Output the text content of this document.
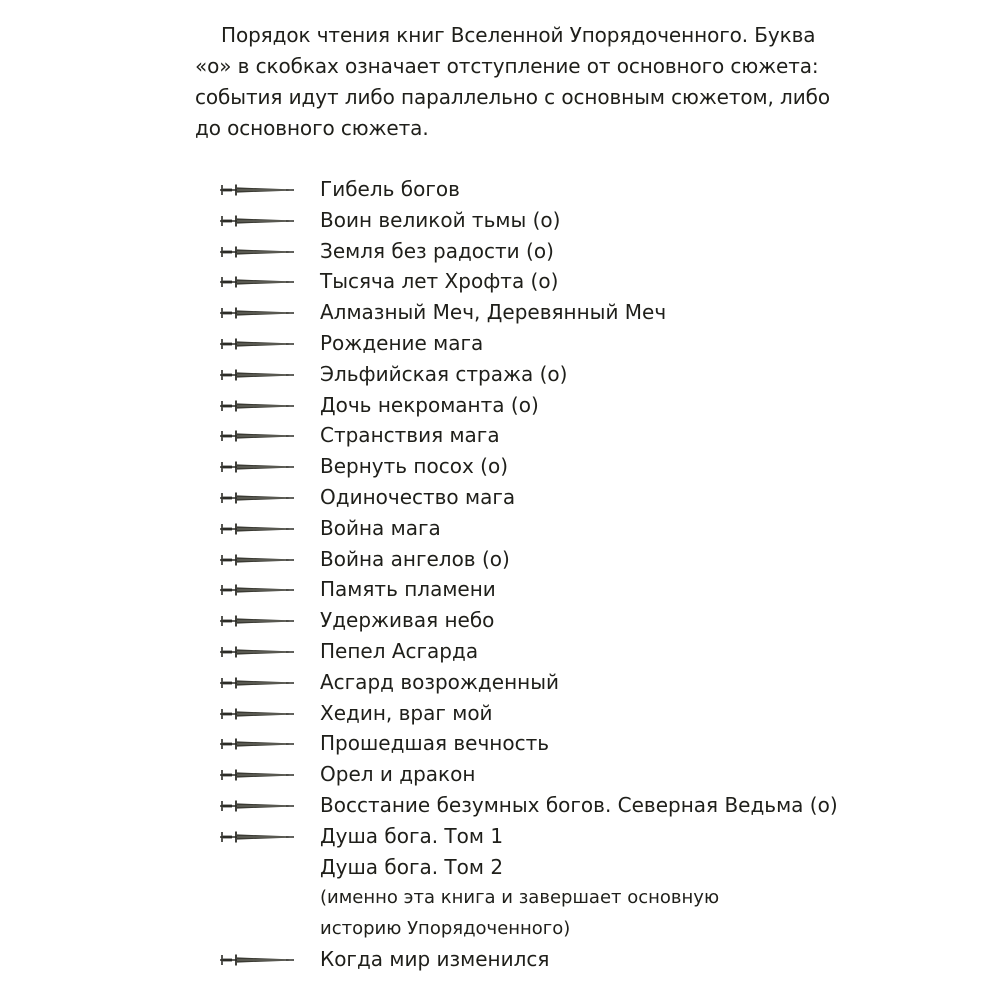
Порядок чтения книг Вселенной Упорядоченного. Буква «о» в скобках означает отступление от основного сюжета: события идут либо параллельно с основным сюжетом, либо до основного сюжета.

Гибель богов
Воин великой тьмы (о)
Земля без радости (о)
Тысяча лет Хрофта (о)
Алмазный Меч, Деревянный Меч
Рождение мага
Эльфийская стража (о)
Дочь некроманта (о)
Странствия мага
Вернуть посох (о)
Одиночество мага
Война мага
Война ангелов (о)
Память пламени
Удерживая небо
Пепел Асгарда
Асгард возрожденный
Хедин, враг мой
Прошедшая вечность
Орел и дракон
Восстание безумных богов. Северная Ведьма (о)
Душа бога. Том 1
Душа бога. Том 2
(именно эта книга и завершает основную
историю Упорядоченного)
Когда мир изменился
